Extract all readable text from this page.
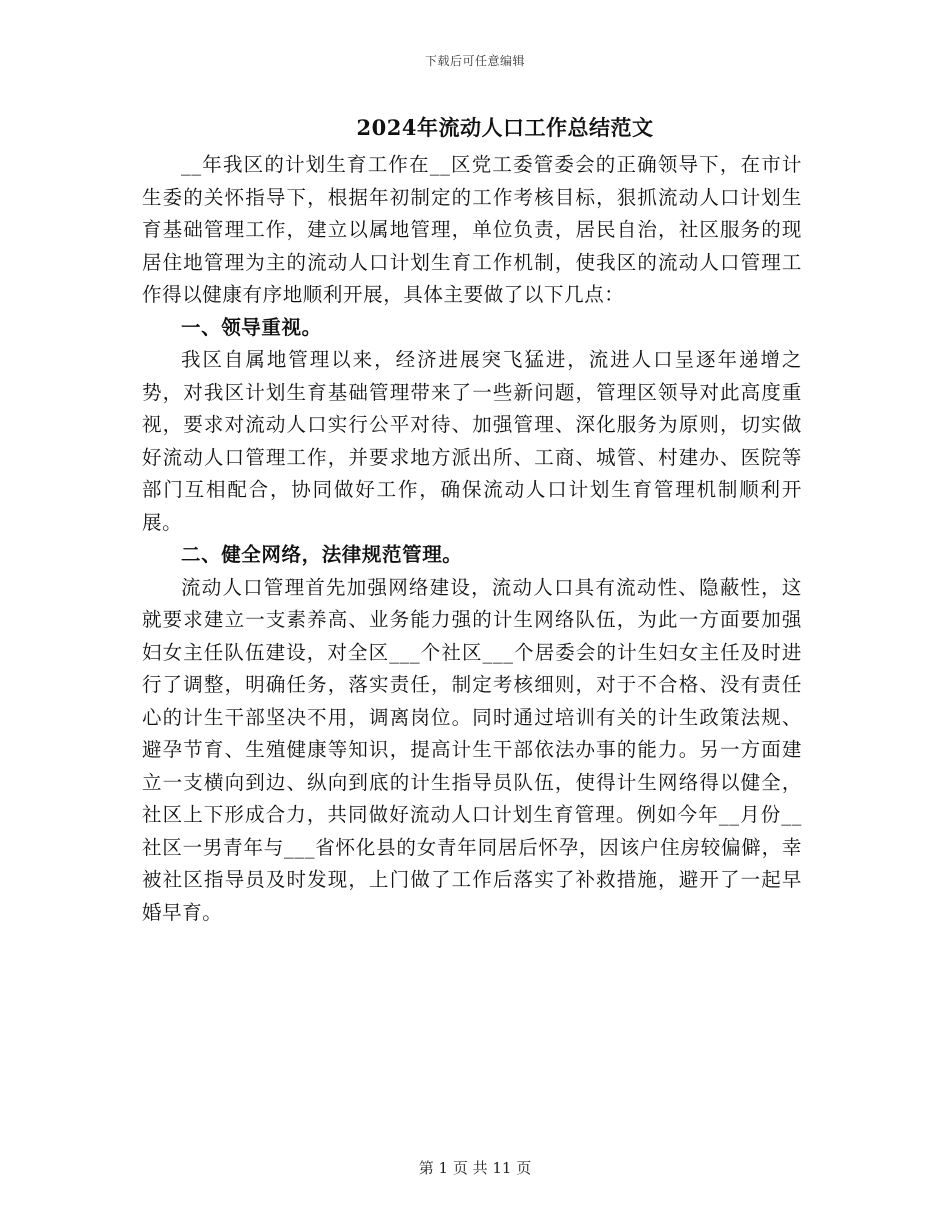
下载后可任意编辑
2024年流动人口工作总结范文

__年我区的计划生育工作在__区党工委管委会的正确领导下，在市计生委的关怀指导下，根据年初制定的工作考核目标，狠抓流动人口计划生育基础管理工作，建立以属地管理，单位负责，居民自治，社区服务的现居住地管理为主的流动人口计划生育工作机制，使我区的流动人口管理工作得以健康有序地顺利开展，具体主要做了以下几点：

一、领导重视。

我区自属地管理以来，经济进展突飞猛进，流进人口呈逐年递增之势，对我区计划生育基础管理带来了一些新问题，管理区领导对此高度重视，要求对流动人口实行公平对待、加强管理、深化服务为原则，切实做好流动人口管理工作，并要求地方派出所、工商、城管、村建办、医院等部门互相配合，协同做好工作，确保流动人口计划生育管理机制顺利开展。

二、健全网络，法律规范管理。

流动人口管理首先加强网络建设，流动人口具有流动性、隐蔽性，这就要求建立一支素养高、业务能力强的计生网络队伍，为此一方面要加强妇女主任队伍建设，对全区___个社区___个居委会的计生妇女主任及时进行了调整，明确任务，落实责任，制定考核细则，对于不合格、没有责任心的计生干部坚决不用，调离岗位。同时通过培训有关的计生政策法规、避孕节育、生殖健康等知识，提高计生干部依法办事的能力。另一方面建立一支横向到边、纵向到底的计生指导员队伍，使得计生网络得以健全，社区上下形成合力，共同做好流动人口计划生育管理。例如今年__月份__社区一男青年与___省怀化县的女青年同居后怀孕，因该户住房较偏僻，幸被社区指导员及时发现，上门做了工作后落实了补救措施，避开了一起早婚早育。

第 1 页 共 11 页
